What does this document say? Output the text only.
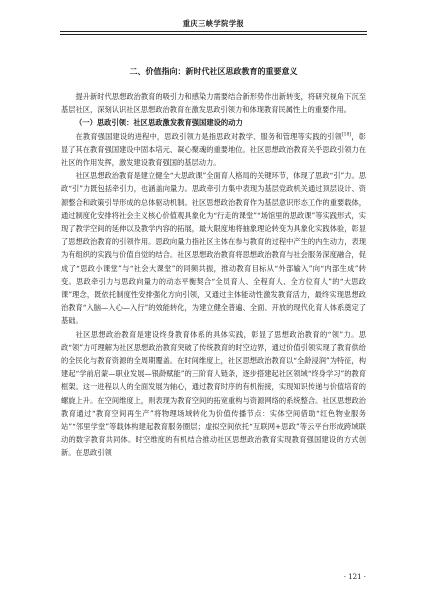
重庆三峡学院学报
二、价值指向：新时代社区思政教育的重要意义

提升新时代思想政治教育的吸引力和感染力需要结合新形势作出新转变，将研究视角下沉至基层社区，深刻认识社区思想政治教育在激发思政引领力和体现教育民属性上的重要作用。

（一）思政引领：社区思政激发教育强国建设的动力

在教育强国建设的进程中，思政引领力是指思政对教学、服务和管理等实践的引领[18]，彰显了其在教育强国建设中固本培元、凝心聚魂的重要地位。社区思想政治教育关乎思政引领力在社区的作用发挥，激发建设教育强国的基层动力。

社区思想政治教育是建立健全“大思政课”全面育人格局的关键环节，体现了思政“引”力。思政“引”力既包括牵引力，也涵盖向量力。思政牵引力集中表现为基层党政机关通过顶层设计、资源整合和政策引导形成的总体驱动机制。社区思想政治教育作为基层意识形态工作的重要载体，通过制度化安排将社会主义核心价值观具象化为“行走的课堂”“场馆里的思政课”等实践形式，实现了教学空间的延伸以及教学内容的拓展，最大限度地将抽象理论转变为具象化实践体验，彰显了思想政治教育的引领作用。思政向量力指社区主体在参与教育的过程中产生的内生动力，表现为有组织的实践与价值自觉的结合。社区思想政治教育将思想政治教育与社会服务深度融合，促成了“思政小课堂”与“社会大课堂”的同频共振，推动教育目标从“外部输入”向“内部生成”转变。思政牵引力与思政向量力的动态平衡契合“全员育人、全程育人、全方位育人”的“大思政课”理念，既依托制度性安排强化方向引领，又通过主体能动性激发教育活力，最终实现思想政治教育“入脑—入心—入行”的效能转化，为建立健全普遍、全面、开放的现代化育人体系奠定了基础。

社区思想政治教育是建设终身教育体系的具体实践，彰显了思想政治教育的“领”力。思政“领”力可理解为社区思想政治教育突破了传统教育的时空边界，通过价值引领实现了教育供给的全民化与教育资源的全周期覆盖。在时间维度上，社区思想政治教育以“全龄浸润”为特征，构建起“学前启蒙—职业发展—银龄赋能”的三阶育人链条，逐步搭建起社区领域“终身学习”的教育框架。这一进程以人的全面发展为轴心，通过教育时序的有机衔接，实现知识传递与价值培育的螺旋上升。在空间维度上，则表现为教育空间的拓宽重构与资源网络的系统整合。社区思想政治教育通过“教育空间再生产”将物理场域转化为价值传播节点：实体空间借助“红色物业服务站”“邻里学堂”等载体构建起教育服务圈层；虚拟空间依托“互联网+思政”等云平台形成跨域联动的数字教育共同体。时空维度的有机结合推动社区思想政治教育实现教育强国建设的方式创新。在思政引领

· 121 ·
